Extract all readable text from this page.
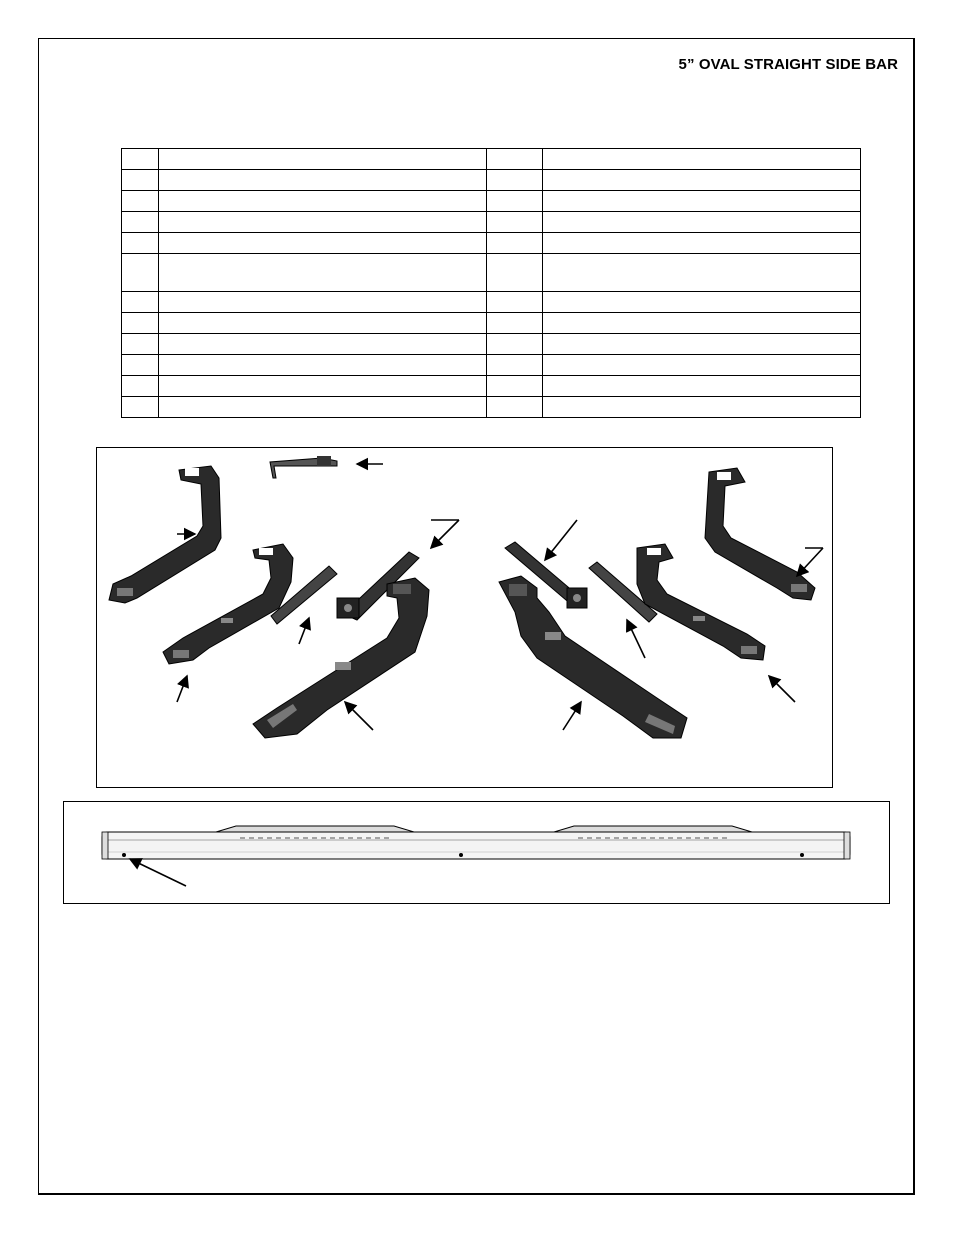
5” OVAL STRAIGHT SIDE BAR
